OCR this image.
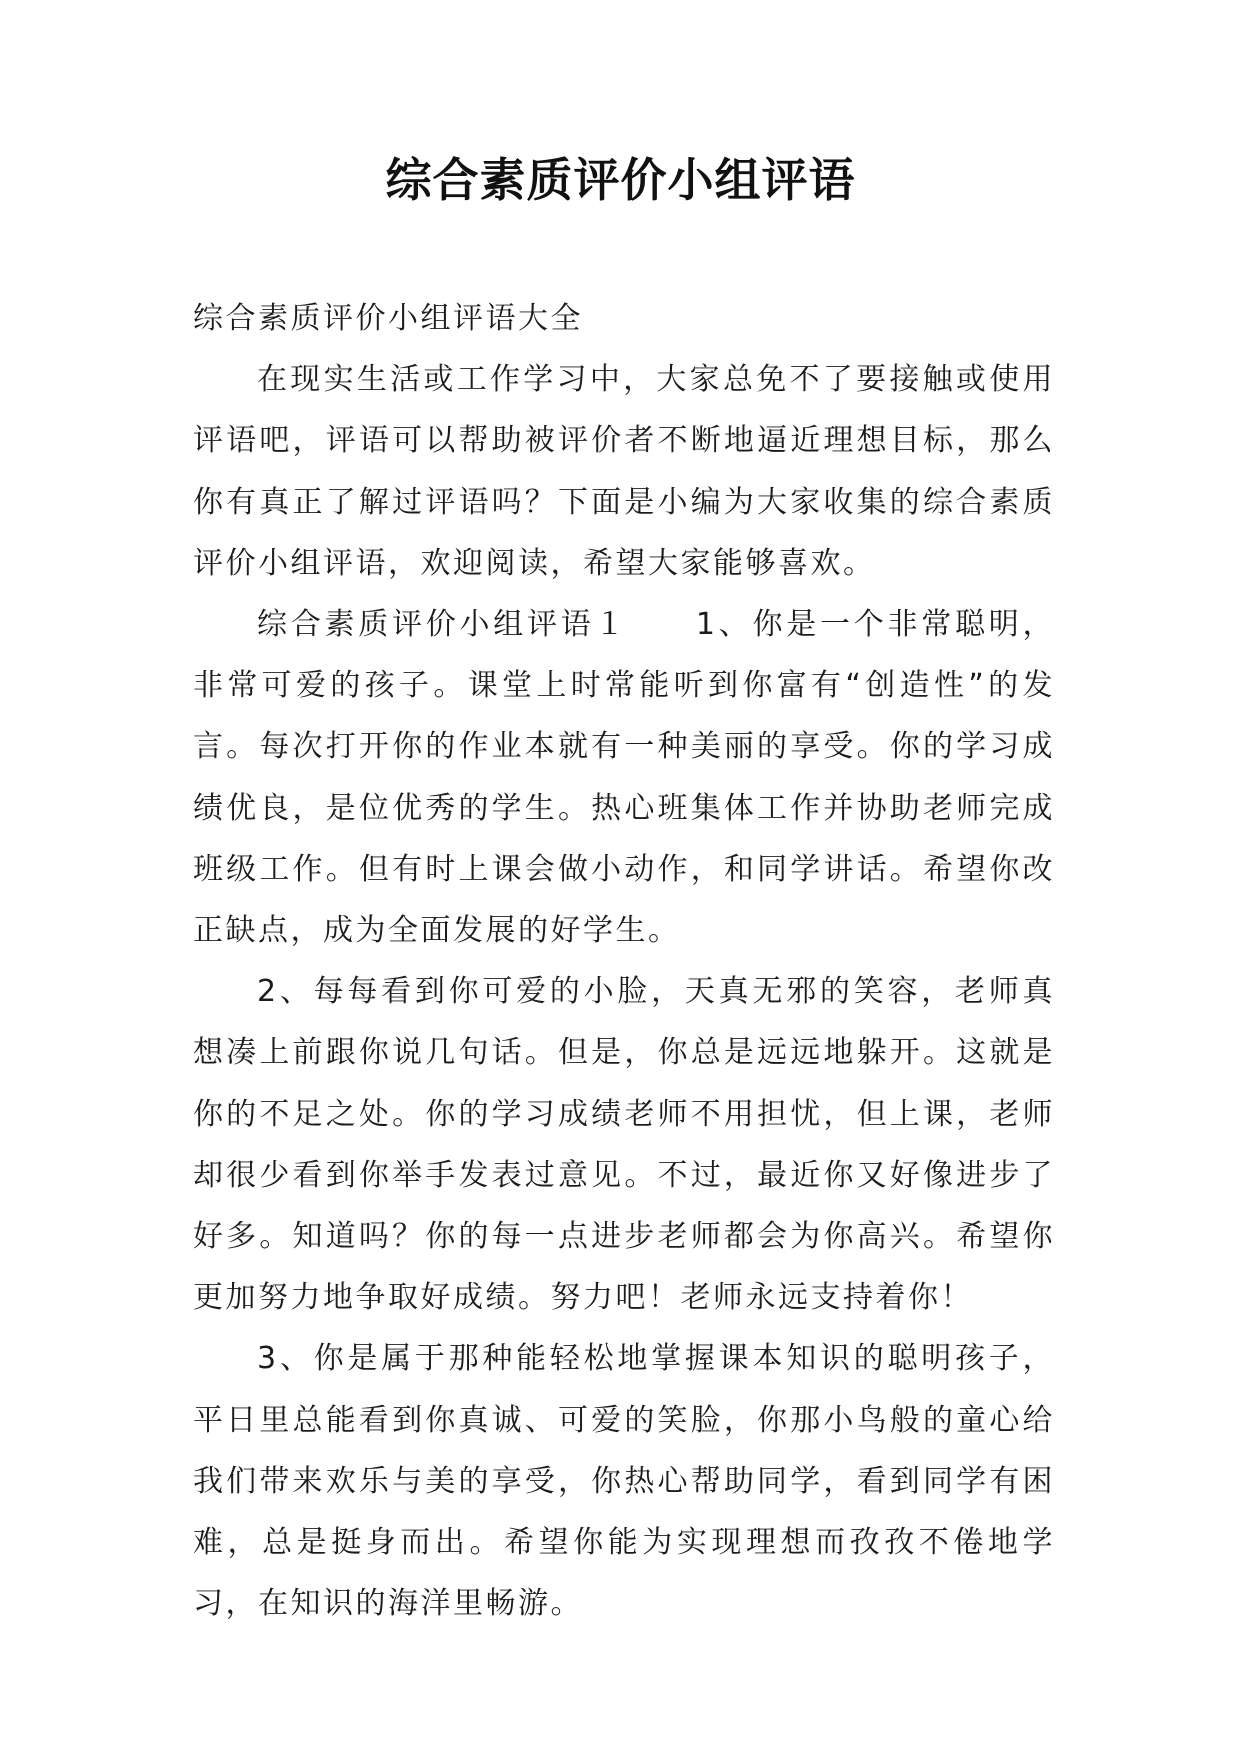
综合素质评价小组评语

综合素质评价小组评语大全

在现实生活或工作学习中，大家总免不了要接触或使用评语吧，评语可以帮助被评价者不断地逼近理想目标，那么你有真正了解过评语吗？下面是小编为大家收集的综合素质评价小组评语，欢迎阅读，希望大家能够喜欢。

综合素质评价小组评语１　　1、你是一个非常聪明，非常可爱的孩子。课堂上时常能听到你富有“创造性”的发言。每次打开你的作业本就有一种美丽的享受。你的学习成绩优良，是位优秀的学生。热心班集体工作并协助老师完成班级工作。但有时上课会做小动作，和同学讲话。希望你改正缺点，成为全面发展的好学生。

2、每每看到你可爱的小脸，天真无邪的笑容，老师真想凑上前跟你说几句话。但是，你总是远远地躲开。这就是你的不足之处。你的学习成绩老师不用担忧，但上课，老师却很少看到你举手发表过意见。不过，最近你又好像进步了好多。知道吗？你的每一点进步老师都会为你高兴。希望你更加努力地争取好成绩。努力吧！老师永远支持着你！

3、你是属于那种能轻松地掌握课本知识的聪明孩子，平日里总能看到你真诚、可爱的笑脸，你那小鸟般的童心给我们带来欢乐与美的享受，你热心帮助同学，看到同学有困难，总是挺身而出。希望你能为实现理想而孜孜不倦地学习，在知识的海洋里畅游。
